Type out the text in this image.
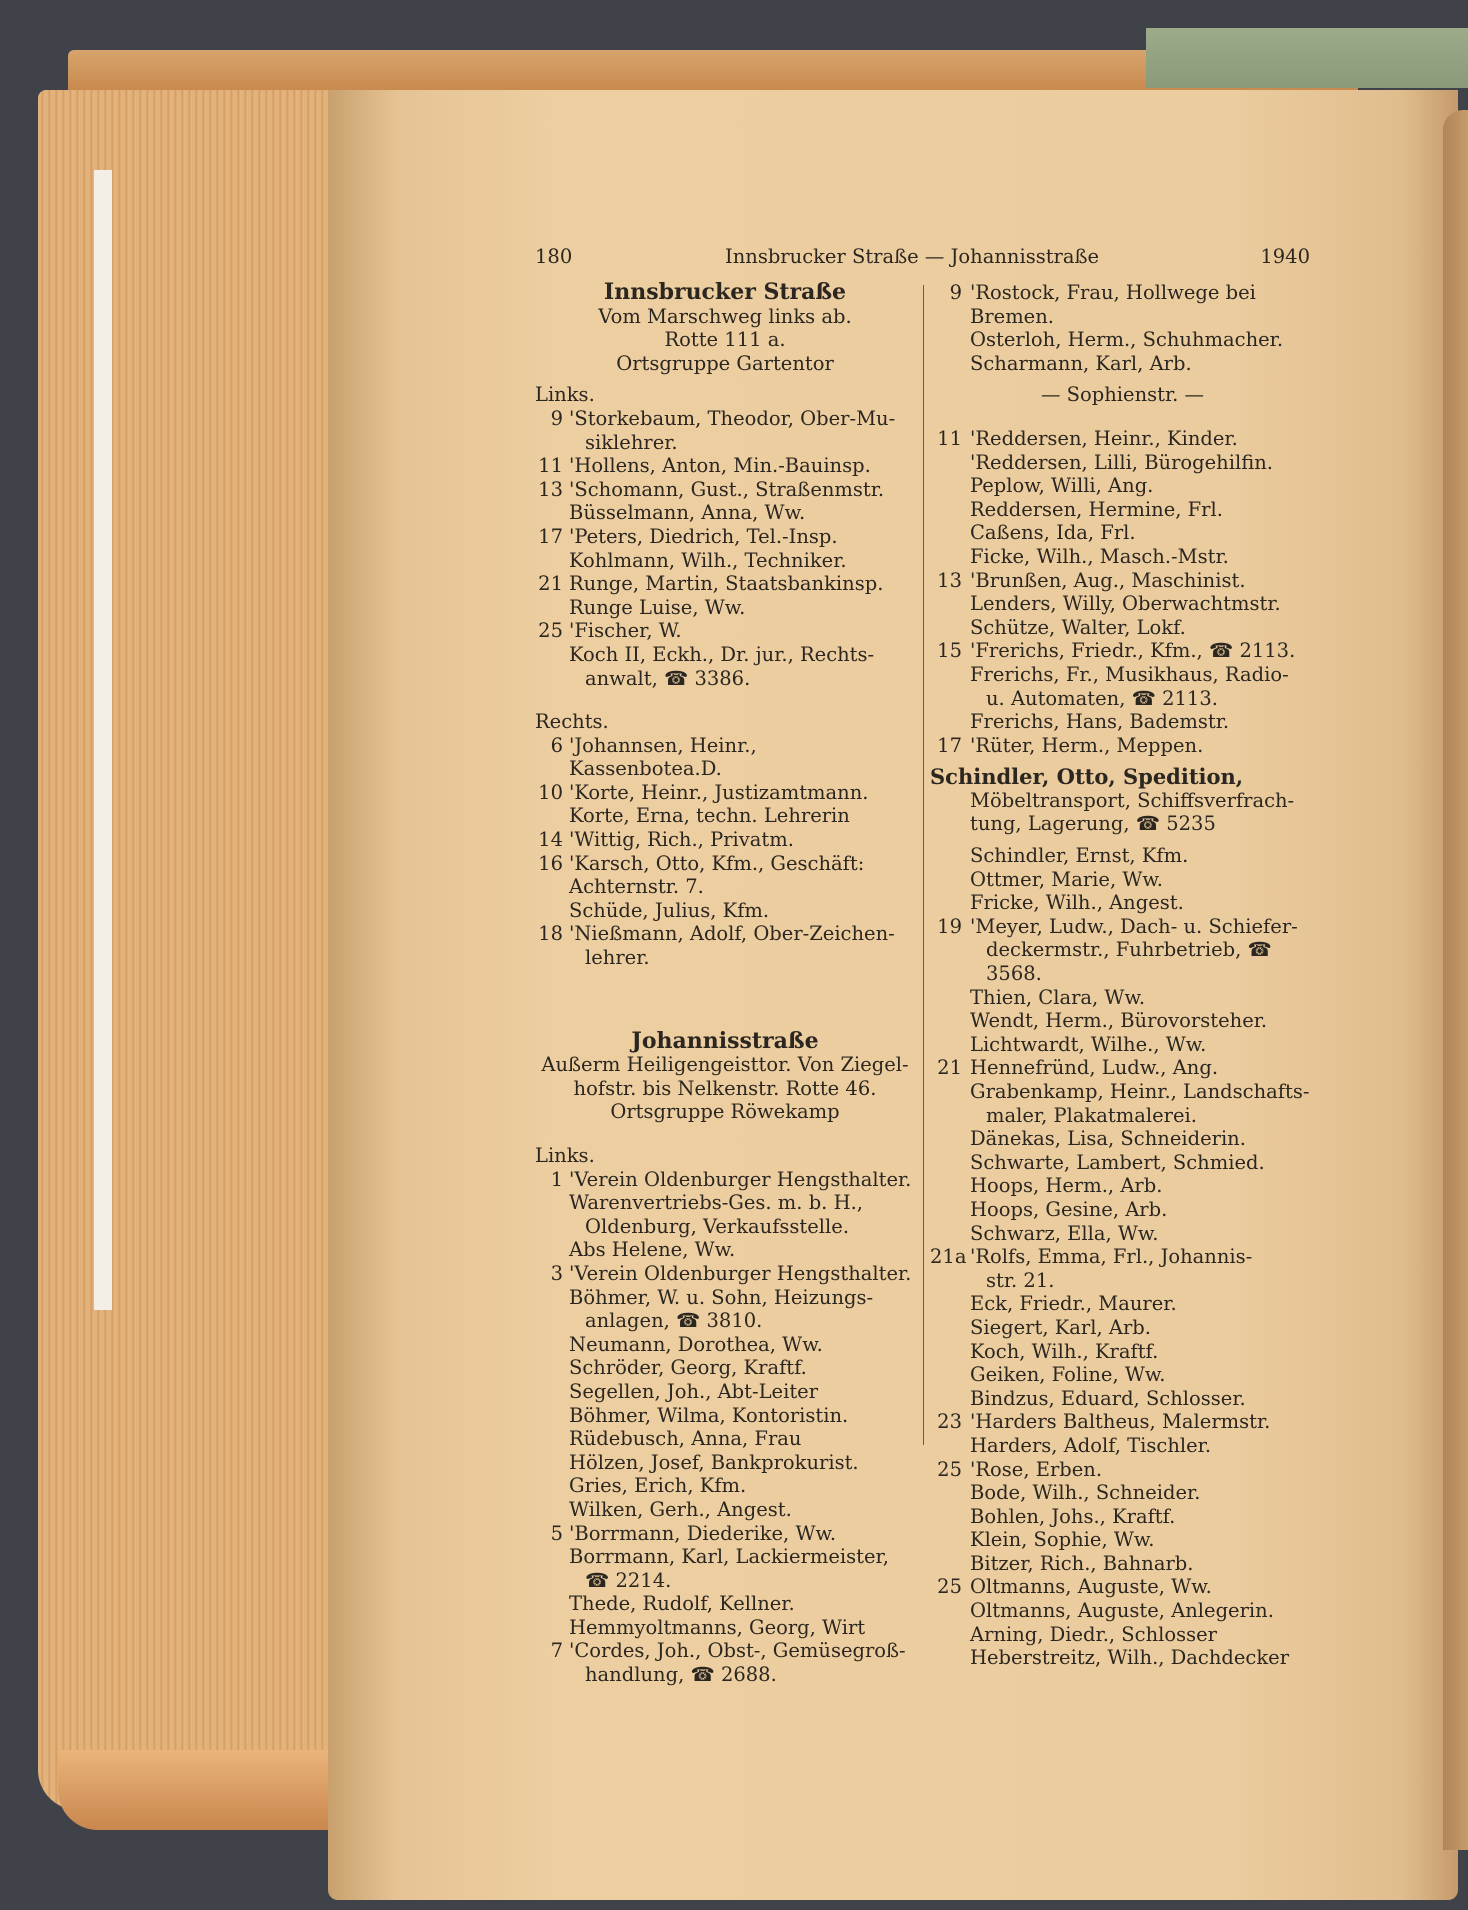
180	Innsbrucker Straße — Johannisstraße	1940
Innsbrucker Straße
Vom Marschweg links ab.
Rotte 111 a.
Ortsgruppe Gartentor
Links.
9 'Storkebaum, Theodor, Ober-Mu-
siklehrer.
11 'Hollens, Anton, Min.-Bauinsp.
13 'Schomann, Gust., Straßenmstr.
Büsselmann, Anna, Ww.
17 'Peters, Diedrich, Tel.-Insp.
Kohlmann, Wilh., Techniker.
21 Runge, Martin, Staatsbankinsp.
Runge Luise, Ww.
25 'Fischer, W.
Koch II, Eckh., Dr. jur., Rechts-
anwalt, ☎ 3386.
Rechts.
6 'Johannsen, Heinr., Kassenbotea.D.
10 'Korte, Heinr., Justizamtmann.
Korte, Erna, techn. Lehrerin
14 'Wittig, Rich., Privatm.
16 'Karsch, Otto, Kfm., Geschäft:
Achternstr. 7.
Schüde, Julius, Kfm.
18 'Nießmann, Adolf, Ober-Zeichen-
lehrer.
Johannisstraße
Außerm Heiligengeisttor. Von Ziegel-
hofstr. bis Nelkenstr. Rotte 46.
Ortsgruppe Röwekamp
Links.
1 'Verein Oldenburger Hengsthalter.
Warenvertriebs-Ges. m. b. H.,
Oldenburg, Verkaufsstelle.
Abs Helene, Ww.
3 'Verein Oldenburger Hengsthalter.
Böhmer, W. u. Sohn, Heizungs-
anlagen, ☎ 3810.
Neumann, Dorothea, Ww.
Schröder, Georg, Kraftf.
Segellen, Joh., Abt-Leiter
Böhmer, Wilma, Kontoristin.
Rüdebusch, Anna, Frau
Hölzen, Josef, Bankprokurist.
Gries, Erich, Kfm.
Wilken, Gerh., Angest.
5 'Borrmann, Diederike, Ww.
Borrmann, Karl, Lackiermeister,
☎ 2214.
Thede, Rudolf, Kellner.
Hemmyoltmanns, Georg, Wirt
7 'Cordes, Joh., Obst-, Gemüsegroß-
handlung, ☎ 2688.
9 'Rostock, Frau, Hollwege bei
Bremen.
Osterloh, Herm., Schuhmacher.
Scharmann, Karl, Arb.
— Sophienstr. —
11 'Reddersen, Heinr., Kinder.
'Reddersen, Lilli, Bürogehilfin.
Peplow, Willi, Ang.
Reddersen, Hermine, Frl.
Caßens, Ida, Frl.
Ficke, Wilh., Masch.-Mstr.
13 'Brunßen, Aug., Maschinist.
Lenders, Willy, Oberwachtmstr.
Schütze, Walter, Lokf.
15 'Frerichs, Friedr., Kfm., ☎ 2113.
Frerichs, Fr., Musikhaus, Radio-
u. Automaten, ☎ 2113.
Frerichs, Hans, Bademstr.
17 'Rüter, Herm., Meppen.
Schindler, Otto, Spedition,
Möbeltransport, Schiffsverfrach-
tung, Lagerung, ☎ 5235
Schindler, Ernst, Kfm.
Ottmer, Marie, Ww.
Fricke, Wilh., Angest.
19 'Meyer, Ludw., Dach- u. Schiefer-
deckermstr., Fuhrbetrieb, ☎
3568.
Thien, Clara, Ww.
Wendt, Herm., Bürovorsteher.
Lichtwardt, Wilhe., Ww.
21 Hennefründ, Ludw., Ang.
Grabenkamp, Heinr., Landschafts-
maler, Plakatmalerei.
Dänekas, Lisa, Schneiderin.
Schwarte, Lambert, Schmied.
Hoops, Herm., Arb.
Hoops, Gesine, Arb.
Schwarz, Ella, Ww.
21a 'Rolfs, Emma, Frl., Johannis-
str. 21.
Eck, Friedr., Maurer.
Siegert, Karl, Arb.
Koch, Wilh., Kraftf.
Geiken, Foline, Ww.
Bindzus, Eduard, Schlosser.
23 'Harders Baltheus, Malermstr.
Harders, Adolf, Tischler.
25 'Rose, Erben.
Bode, Wilh., Schneider.
Bohlen, Johs., Kraftf.
Klein, Sophie, Ww.
Bitzer, Rich., Bahnarb.
25 Oltmanns, Auguste, Ww.
Oltmanns, Auguste, Anlegerin.
Arning, Diedr., Schlosser
Heberstreitz, Wilh., Dachdecker
